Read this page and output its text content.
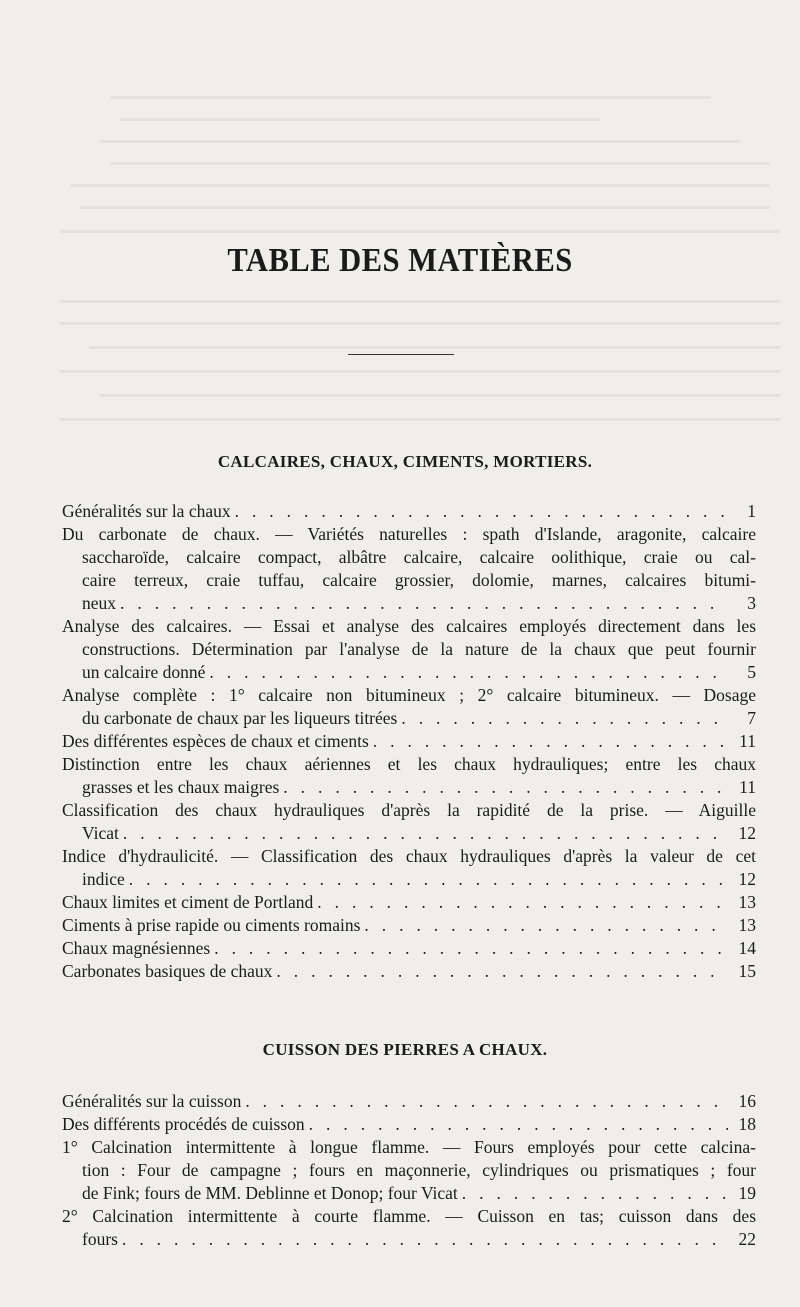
TABLE DES MATIÈRES
CALCAIRES, CHAUX, CIMENTS, MORTIERS.
Généralités sur la chaux . . .	1
Du carbonate de chaux. — Variétés naturelles : spath d'Islande, aragonite, calcaire
saccharoïde, calcaire compact, albâtre calcaire, calcaire oolithique, craie ou cal-
caire terreux, craie tuffau, calcaire grossier, dolomie, marnes, calcaires bitumi-
neux . . .	3
Analyse des calcaires. — Essai et analyse des calcaires employés directement dans les
constructions. Détermination par l'analyse de la nature de la chaux que peut fournir
un calcaire donné . . .	5
Analyse complète : 1° calcaire non bitumineux ; 2° calcaire bitumineux. — Dosage
du carbonate de chaux par les liqueurs titrées . . .	7
Des différentes espèces de chaux et ciments . . .	11
Distinction entre les chaux aériennes et les chaux hydrauliques; entre les chaux
grasses et les chaux maigres . . .	11
Classification des chaux hydrauliques d'après la rapidité de la prise. — Aiguille
Vicat . . .	12
Indice d'hydraulicité. — Classification des chaux hydrauliques d'après la valeur de cet
indice . . .	12
Chaux limites et ciment de Portland . . .	13
Ciments à prise rapide ou ciments romains . . .	13
Chaux magnésiennes . . .	14
Carbonates basiques de chaux . . .	15
CUISSON DES PIERRES A CHAUX.
Généralités sur la cuisson . . .	16
Des différents procédés de cuisson . . .	18
1° Calcination intermittente à longue flamme. — Fours employés pour cette calcina-
tion : Four de campagne ; fours en maçonnerie, cylindriques ou prismatiques ; four
de Fink; fours de MM. Deblinne et Donop; four Vicat . . .	19
2° Calcination intermittente à courte flamme. — Cuisson en tas; cuisson dans des
fours . . .	22
